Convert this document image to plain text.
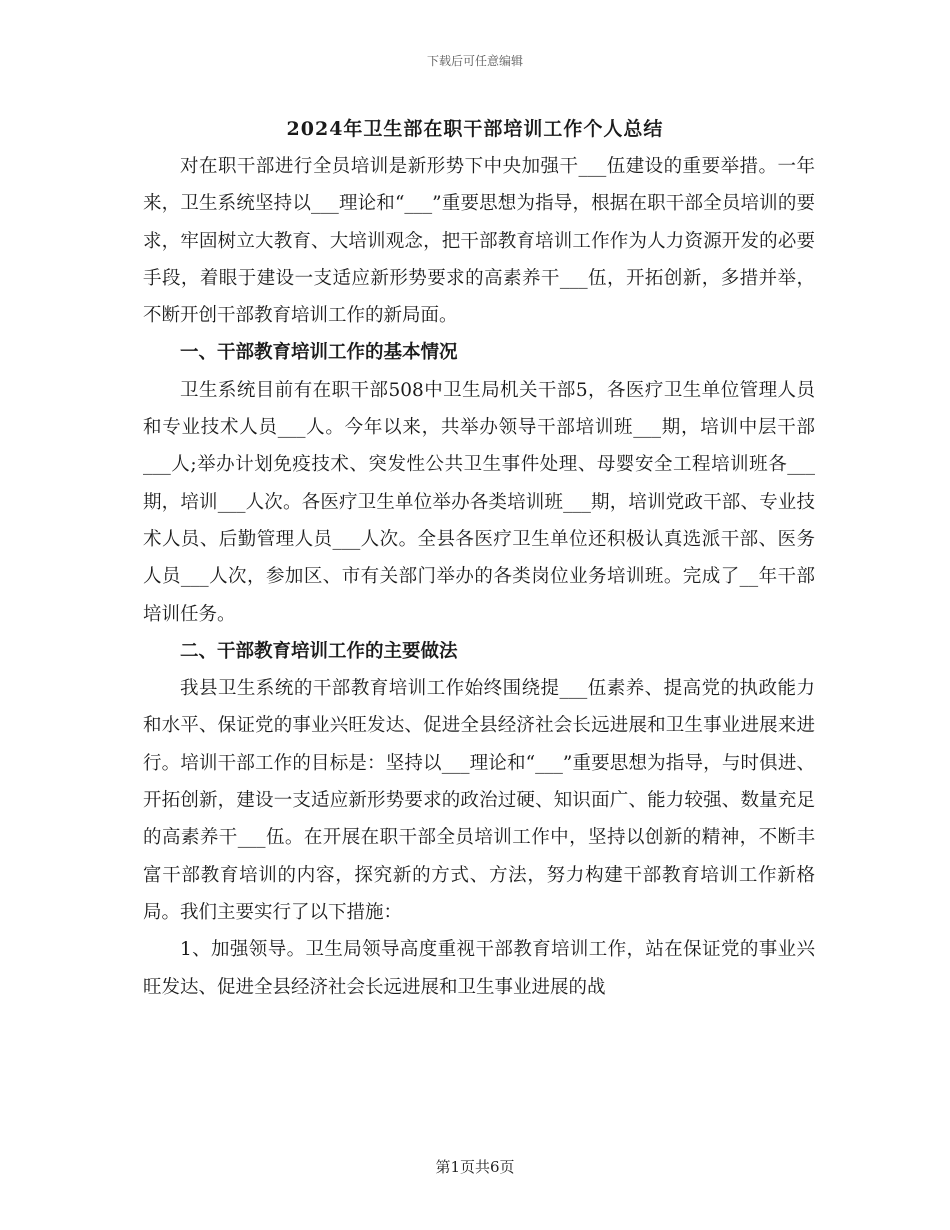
下载后可任意编辑
2024年卫生部在职干部培训工作个人总结

对在职干部进行全员培训是新形势下中央加强干___伍建设的重要举措。一年来，卫生系统坚持以___理论和“___”重要思想为指导，根据在职干部全员培训的要求，牢固树立大教育、大培训观念，把干部教育培训工作作为人力资源开发的必要手段，着眼于建设一支适应新形势要求的高素养干___伍，开拓创新，多措并举，不断开创干部教育培训工作的新局面。

一、干部教育培训工作的基本情况

卫生系统目前有在职干部508中卫生局机关干部5，各医疗卫生单位管理人员和专业技术人员___人。今年以来，共举办领导干部培训班___期，培训中层干部___人;举办计划免疫技术、突发性公共卫生事件处理、母婴安全工程培训班各___期，培训___人次。各医疗卫生单位举办各类培训班___期，培训党政干部、专业技术人员、后勤管理人员___人次。全县各医疗卫生单位还积极认真选派干部、医务人员___人次，参加区、市有关部门举办的各类岗位业务培训班。完成了__年干部培训任务。

二、干部教育培训工作的主要做法

我县卫生系统的干部教育培训工作始终围绕提___伍素养、提高党的执政能力和水平、保证党的事业兴旺发达、促进全县经济社会长远进展和卫生事业进展来进行。培训干部工作的目标是：坚持以___理论和“___”重要思想为指导，与时俱进、开拓创新，建设一支适应新形势要求的政治过硬、知识面广、能力较强、数量充足的高素养干___伍。在开展在职干部全员培训工作中，坚持以创新的精神，不断丰富干部教育培训的内容，探究新的方式、方法，努力构建干部教育培训工作新格局。我们主要实行了以下措施：

1、加强领导。卫生局领导高度重视干部教育培训工作，站在保证党的事业兴旺发达、促进全县经济社会长远进展和卫生事业进展的战

第1页共6页
